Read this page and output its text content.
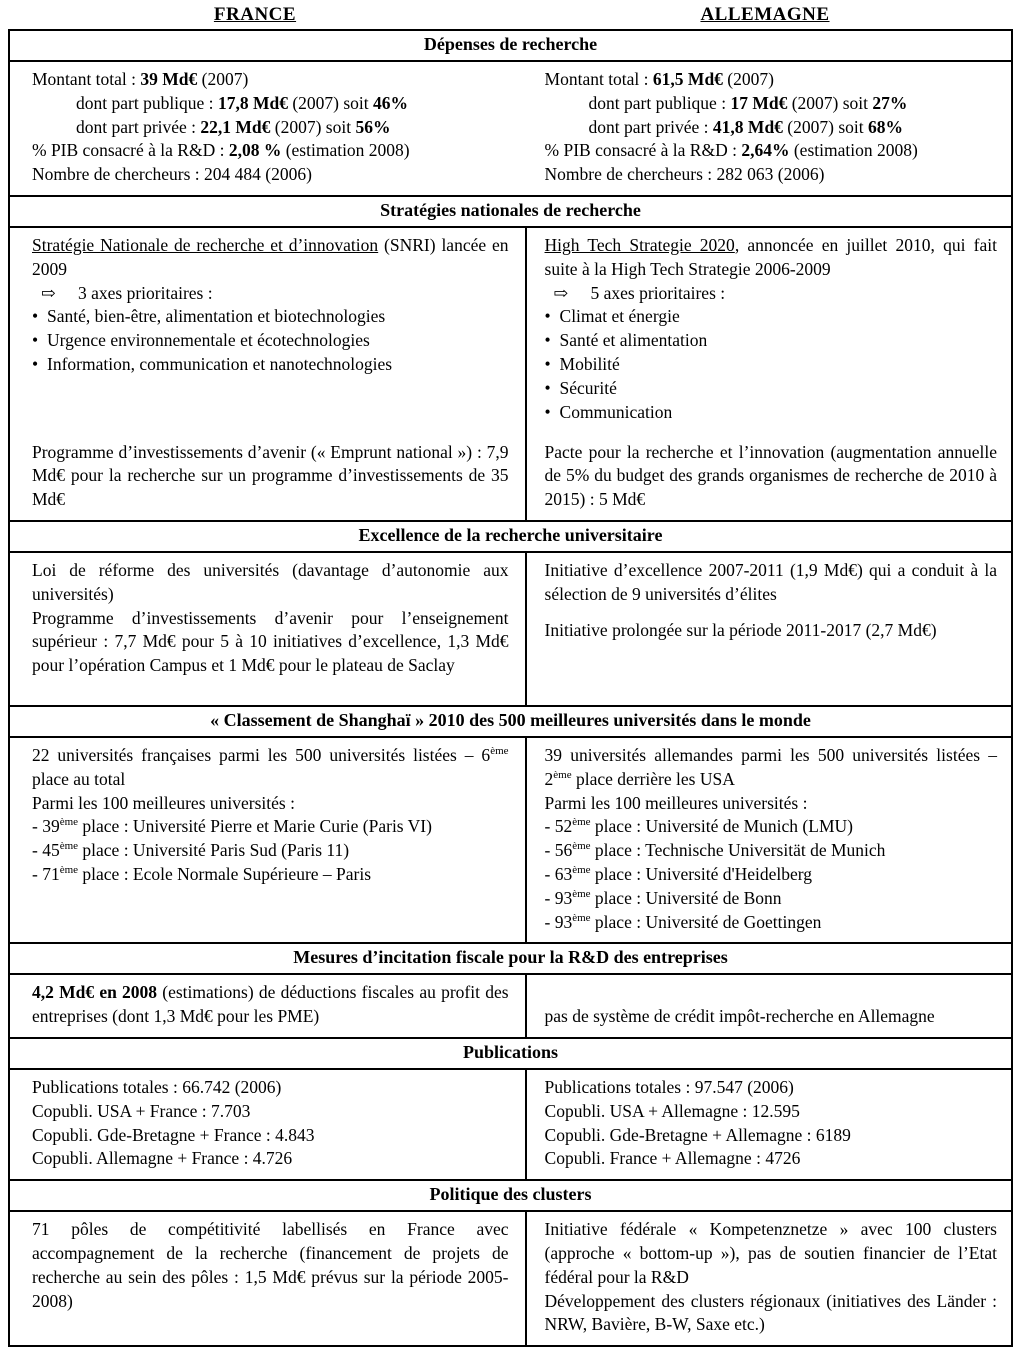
FRANCE	ALLEMAGNE
Dépenses de recherche
Montant total : 39 Md€ (2007)
dont part publique : 17,8 Md€ (2007) soit 46%
dont part privée : 22,1 Md€ (2007) soit 56%
% PIB consacré à la R&D : 2,08 % (estimation 2008)
Nombre de chercheurs : 204 484 (2006)
Montant total : 61,5 Md€ (2007)
dont part publique : 17 Md€ (2007) soit 27%
dont part privée : 41,8 Md€ (2007) soit 68%
% PIB consacré à la R&D : 2,64% (estimation 2008)
Nombre de chercheurs : 282 063 (2006)
Stratégies nationales de recherche
Stratégie Nationale de recherche et d’innovation (SNRI) lancée en 2009
⇨ 3 axes prioritaires :
• Santé, bien-être, alimentation et biotechnologies
• Urgence environnementale et écotechnologies
• Information, communication et nanotechnologies
Programme d’investissements d’avenir (« Emprunt national ») : 7,9 Md€ pour la recherche sur un programme d’investissements de 35 Md€
High Tech Strategie 2020, annoncée en juillet 2010, qui fait suite à la High Tech Strategie 2006-2009
⇨ 5 axes prioritaires :
• Climat et énergie
• Santé et alimentation
• Mobilité
• Sécurité
• Communication
Pacte pour la recherche et l’innovation (augmentation annuelle de 5% du budget des grands organismes de recherche de 2010 à 2015) : 5 Md€
Excellence de la recherche universitaire
Loi de réforme des universités (davantage d’autonomie aux universités)
Programme d’investissements d’avenir pour l’enseignement supérieur : 7,7 Md€ pour 5 à 10 initiatives d’excellence, 1,3 Md€ pour l’opération Campus et 1 Md€ pour le plateau de Saclay
Initiative d’excellence 2007-2011 (1,9 Md€) qui a conduit à la sélection de 9 universités d’élites
Initiative prolongée sur la période 2011-2017 (2,7 Md€)
« Classement de Shanghaï » 2010 des 500 meilleures universités dans le monde
22 universités françaises parmi les 500 universités listées – 6ème place au total
Parmi les 100 meilleures universités :
- 39ème place : Université Pierre et Marie Curie (Paris VI)
- 45ème place : Université Paris Sud (Paris 11)
- 71ème place : Ecole Normale Supérieure – Paris
39 universités allemandes parmi les 500 universités listées – 2ème place derrière les USA
Parmi les 100 meilleures universités :
- 52ème place : Université de Munich (LMU)
- 56ème place : Technische Universität de Munich
- 63ème place : Université d'Heidelberg
- 93ème place : Université de Bonn
- 93ème place : Université de Goettingen
Mesures d’incitation fiscale pour la R&D des entreprises
4,2 Md€ en 2008 (estimations) de déductions fiscales au profit des entreprises (dont 1,3 Md€ pour les PME)	pas de système de crédit impôt-recherche en Allemagne
Publications
Publications totales : 66.742 (2006)
Copubli. USA + France : 7.703
Copubli. Gde-Bretagne + France : 4.843
Copubli. Allemagne + France : 4.726
Publications totales : 97.547 (2006)
Copubli. USA + Allemagne : 12.595
Copubli. Gde-Bretagne + Allemagne : 6189
Copubli. France + Allemagne : 4726
Politique des clusters
71 pôles de compétitivité labellisés en France avec accompagnement de la recherche (financement de projets de recherche au sein des pôles : 1,5 Md€ prévus sur la période 2005-2008)
Initiative fédérale « Kompetenznetze » avec 100 clusters (approche « bottom-up »), pas de soutien financier de l’Etat fédéral pour la R&D
Développement des clusters régionaux (initiatives des Länder : NRW, Bavière, B-W, Saxe etc.)
